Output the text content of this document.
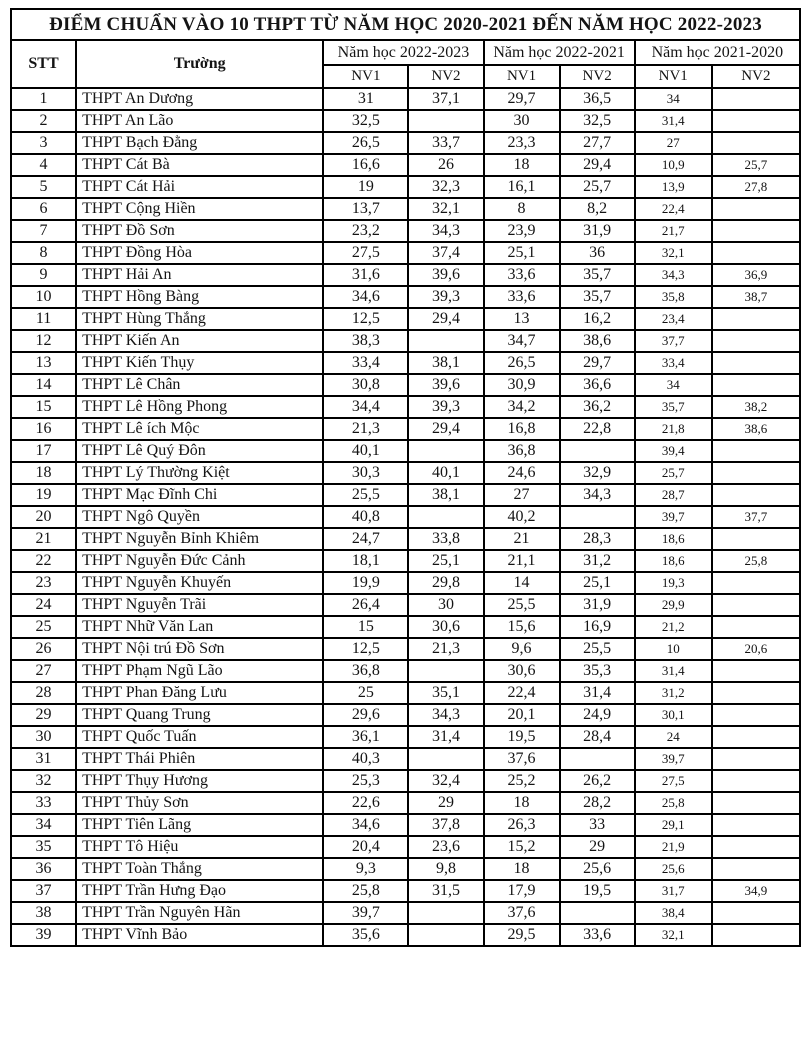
ĐIỂM CHUẨN VÀO 10 THPT TỪ NĂM HỌC 2020-2021 ĐẾN NĂM HỌC 2022-2023							
STT	Trường	Năm học 2022-2023		Năm học 2022-2021		Năm học 2021-2020	
		NV1	NV2	NV1	NV2	NV1	NV2
1	THPT An Dương	31	37,1	29,7	36,5	34	
2	THPT An Lão	32,5		30	32,5	31,4	
3	THPT Bạch Đằng	26,5	33,7	23,3	27,7	27	
4	THPT Cát Bà	16,6	26	18	29,4	10,9	25,7
5	THPT Cát Hải	19	32,3	16,1	25,7	13,9	27,8
6	THPT Cộng Hiền	13,7	32,1	8	8,2	22,4	
7	THPT Đồ Sơn	23,2	34,3	23,9	31,9	21,7	
8	THPT Đồng Hòa	27,5	37,4	25,1	36	32,1	
9	THPT Hải An	31,6	39,6	33,6	35,7	34,3	36,9
10	THPT Hồng Bàng	34,6	39,3	33,6	35,7	35,8	38,7
11	THPT Hùng Thắng	12,5	29,4	13	16,2	23,4	
12	THPT Kiến An	38,3		34,7	38,6	37,7	
13	THPT Kiến Thụy	33,4	38,1	26,5	29,7	33,4	
14	THPT Lê Chân	30,8	39,6	30,9	36,6	34	
15	THPT Lê Hồng Phong	34,4	39,3	34,2	36,2	35,7	38,2
16	THPT Lê ích Mộc	21,3	29,4	16,8	22,8	21,8	38,6
17	THPT Lê Quý Đôn	40,1		36,8		39,4	
18	THPT Lý Thường Kiệt	30,3	40,1	24,6	32,9	25,7	
19	THPT Mạc Đĩnh Chi	25,5	38,1	27	34,3	28,7	
20	THPT Ngô Quyền	40,8		40,2		39,7	37,7
21	THPT Nguyễn Bỉnh Khiêm	24,7	33,8	21	28,3	18,6	
22	THPT Nguyễn Đức Cảnh	18,1	25,1	21,1	31,2	18,6	25,8
23	THPT Nguyễn Khuyến	19,9	29,8	14	25,1	19,3	
24	THPT Nguyễn Trãi	26,4	30	25,5	31,9	29,9	
25	THPT Nhữ Văn Lan	15	30,6	15,6	16,9	21,2	
26	THPT Nội trú Đồ Sơn	12,5	21,3	9,6	25,5	10	20,6
27	THPT Phạm Ngũ Lão	36,8		30,6	35,3	31,4	
28	THPT Phan Đăng Lưu	25	35,1	22,4	31,4	31,2	
29	THPT Quang Trung	29,6	34,3	20,1	24,9	30,1	
30	THPT Quốc Tuấn	36,1	31,4	19,5	28,4	24	
31	THPT Thái Phiên	40,3		37,6		39,7	
32	THPT Thụy Hương	25,3	32,4	25,2	26,2	27,5	
33	THPT Thủy Sơn	22,6	29	18	28,2	25,8	
34	THPT Tiên Lãng	34,6	37,8	26,3	33	29,1	
35	THPT Tô Hiệu	20,4	23,6	15,2	29	21,9	
36	THPT Toàn Thắng	9,3	9,8	18	25,6	25,6	
37	THPT Trần Hưng Đạo	25,8	31,5	17,9	19,5	31,7	34,9
38	THPT Trần Nguyên Hãn	39,7		37,6		38,4	
39	THPT Vĩnh Bảo	35,6		29,5	33,6	32,1	
